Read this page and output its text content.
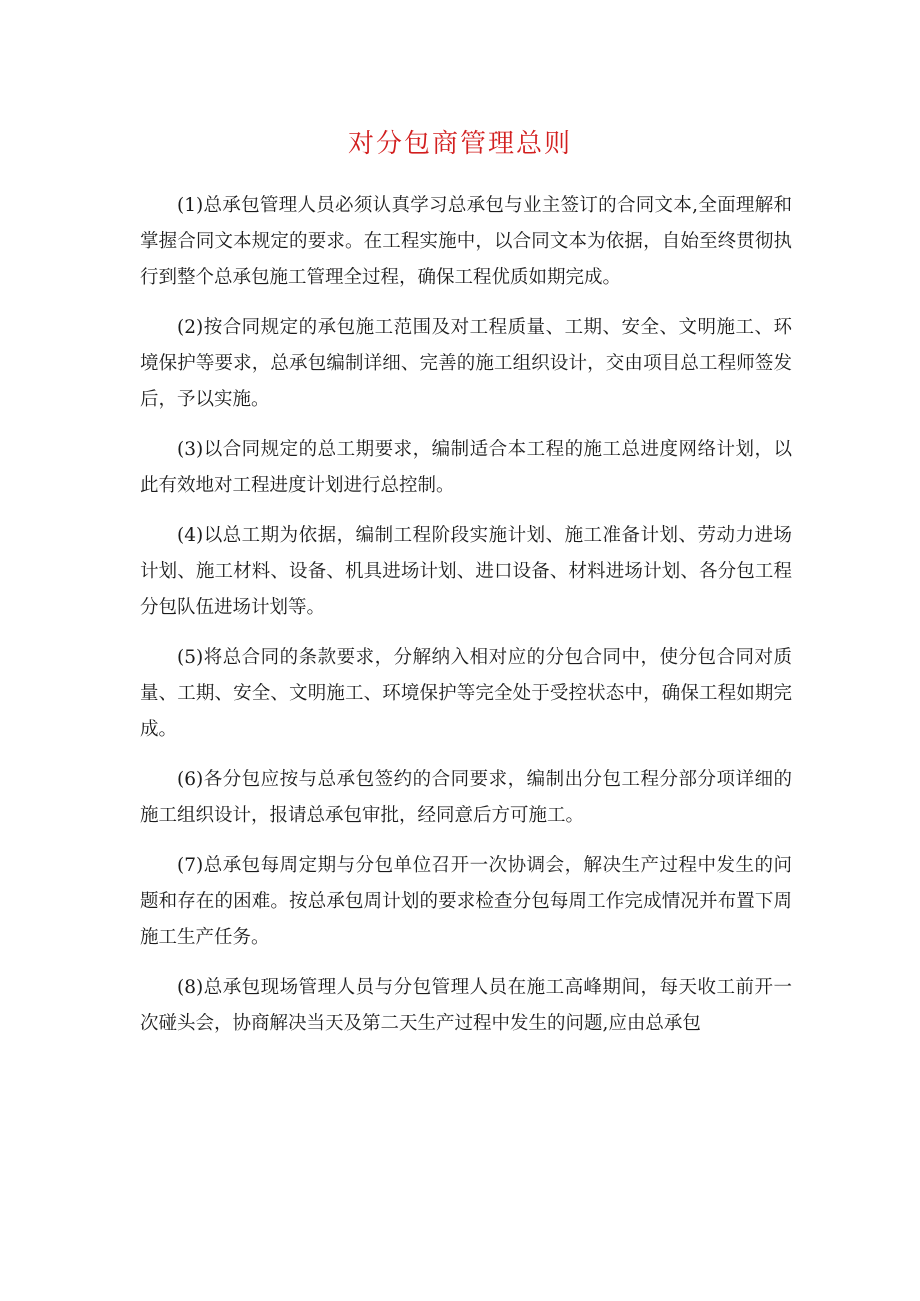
对分包商管理总则

(1)总承包管理人员必须认真学习总承包与业主签订的合同文本,全面理解和掌握合同文本规定的要求。在工程实施中，以合同文本为依据，自始至终贯彻执行到整个总承包施工管理全过程，确保工程优质如期完成。

(2)按合同规定的承包施工范围及对工程质量、工期、安全、文明施工、环境保护等要求，总承包编制详细、完善的施工组织设计，交由项目总工程师签发后，予以实施。

(3)以合同规定的总工期要求，编制适合本工程的施工总进度网络计划，以此有效地对工程进度计划进行总控制。

(4)以总工期为依据，编制工程阶段实施计划、施工准备计划、劳动力进场计划、施工材料、设备、机具进场计划、进口设备、材料进场计划、各分包工程分包队伍进场计划等。

(5)将总合同的条款要求，分解纳入相对应的分包合同中，使分包合同对质量、工期、安全、文明施工、环境保护等完全处于受控状态中，确保工程如期完成。

(6)各分包应按与总承包签约的合同要求，编制出分包工程分部分项详细的施工组织设计，报请总承包审批，经同意后方可施工。

(7)总承包每周定期与分包单位召开一次协调会，解决生产过程中发生的问题和存在的困难。按总承包周计划的要求检查分包每周工作完成情况并布置下周施工生产任务。

(8)总承包现场管理人员与分包管理人员在施工高峰期间，每天收工前开一次碰头会，协商解决当天及第二天生产过程中发生的问题,应由总承包
